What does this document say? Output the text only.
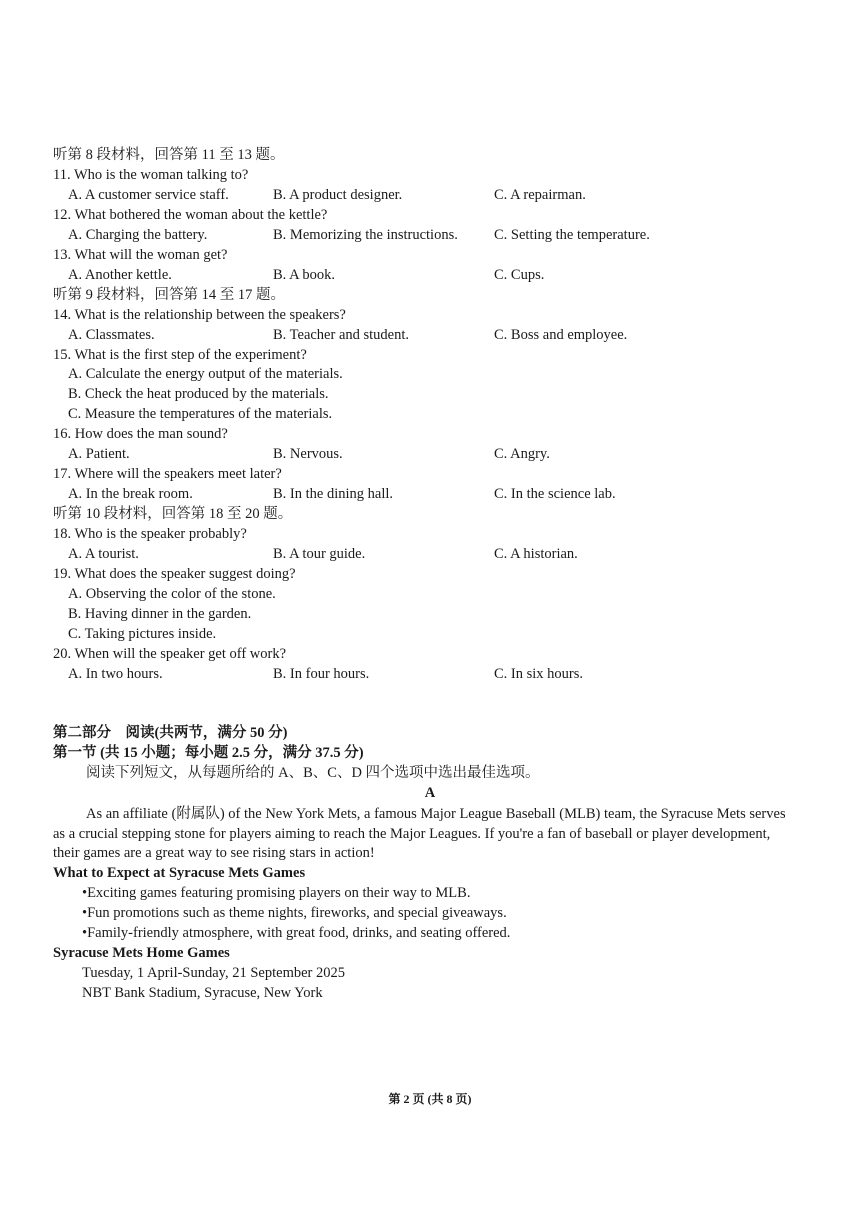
听第 8 段材料，回答第 11 至 13 题。
11. Who is the woman talking to?
A. A customer service staff.	B. A product designer.	C. A repairman.
12. What bothered the woman about the kettle?
A. Charging the battery.	B. Memorizing the instructions. C. Setting the temperature.
13. What will the woman get?
A. Another kettle.	B. A book.	C. Cups.
听第 9 段材料，回答第 14 至 17 题。
14. What is the relationship between the speakers?
A. Classmates.	B. Teacher and student.	C. Boss and employee.
15. What is the first step of the experiment?
A. Calculate the energy output of the materials.
B. Check the heat produced by the materials.
C. Measure the temperatures of the materials.
16. How does the man sound?
A. Patient.	B. Nervous.	C. Angry.
17. Where will the speakers meet later?
A. In the break room.	B. In the dining hall.	C. In the science lab.
听第 10 段材料，回答第 18 至 20 题。
18. Who is the speaker probably?
A. A tourist.	B. A tour guide.	C. A historian.
19. What does the speaker suggest doing?
A. Observing the color of the stone.
B. Having dinner in the garden.
C. Taking pictures inside.
20. When will the speaker get off work?
A. In two hours.	B. In four hours.	C. In six hours.
第二部分　阅读(共两节，满分 50 分)
第一节 (共 15 小题；每小题 2.5 分，满分 37.5 分)
阅读下列短文，从每题所给的 A、B、C、D 四个选项中选出最佳选项。
A
As an affiliate (附属队) of the New York Mets, a famous Major League Baseball (MLB) team, the Syracuse Mets serves as a crucial stepping stone for players aiming to reach the Major Leagues. If you're a fan of baseball or player development, their games are a great way to see rising stars in action!
What to Expect at Syracuse Mets Games
•Exciting games featuring promising players on their way to MLB.
•Fun promotions such as theme nights, fireworks, and special giveaways.
•Family-friendly atmosphere, with great food, drinks, and seating offered.
Syracuse Mets Home Games
Tuesday, 1 April-Sunday, 21 September 2025
NBT Bank Stadium, Syracuse, New York
第 2 页 (共 8 页)
